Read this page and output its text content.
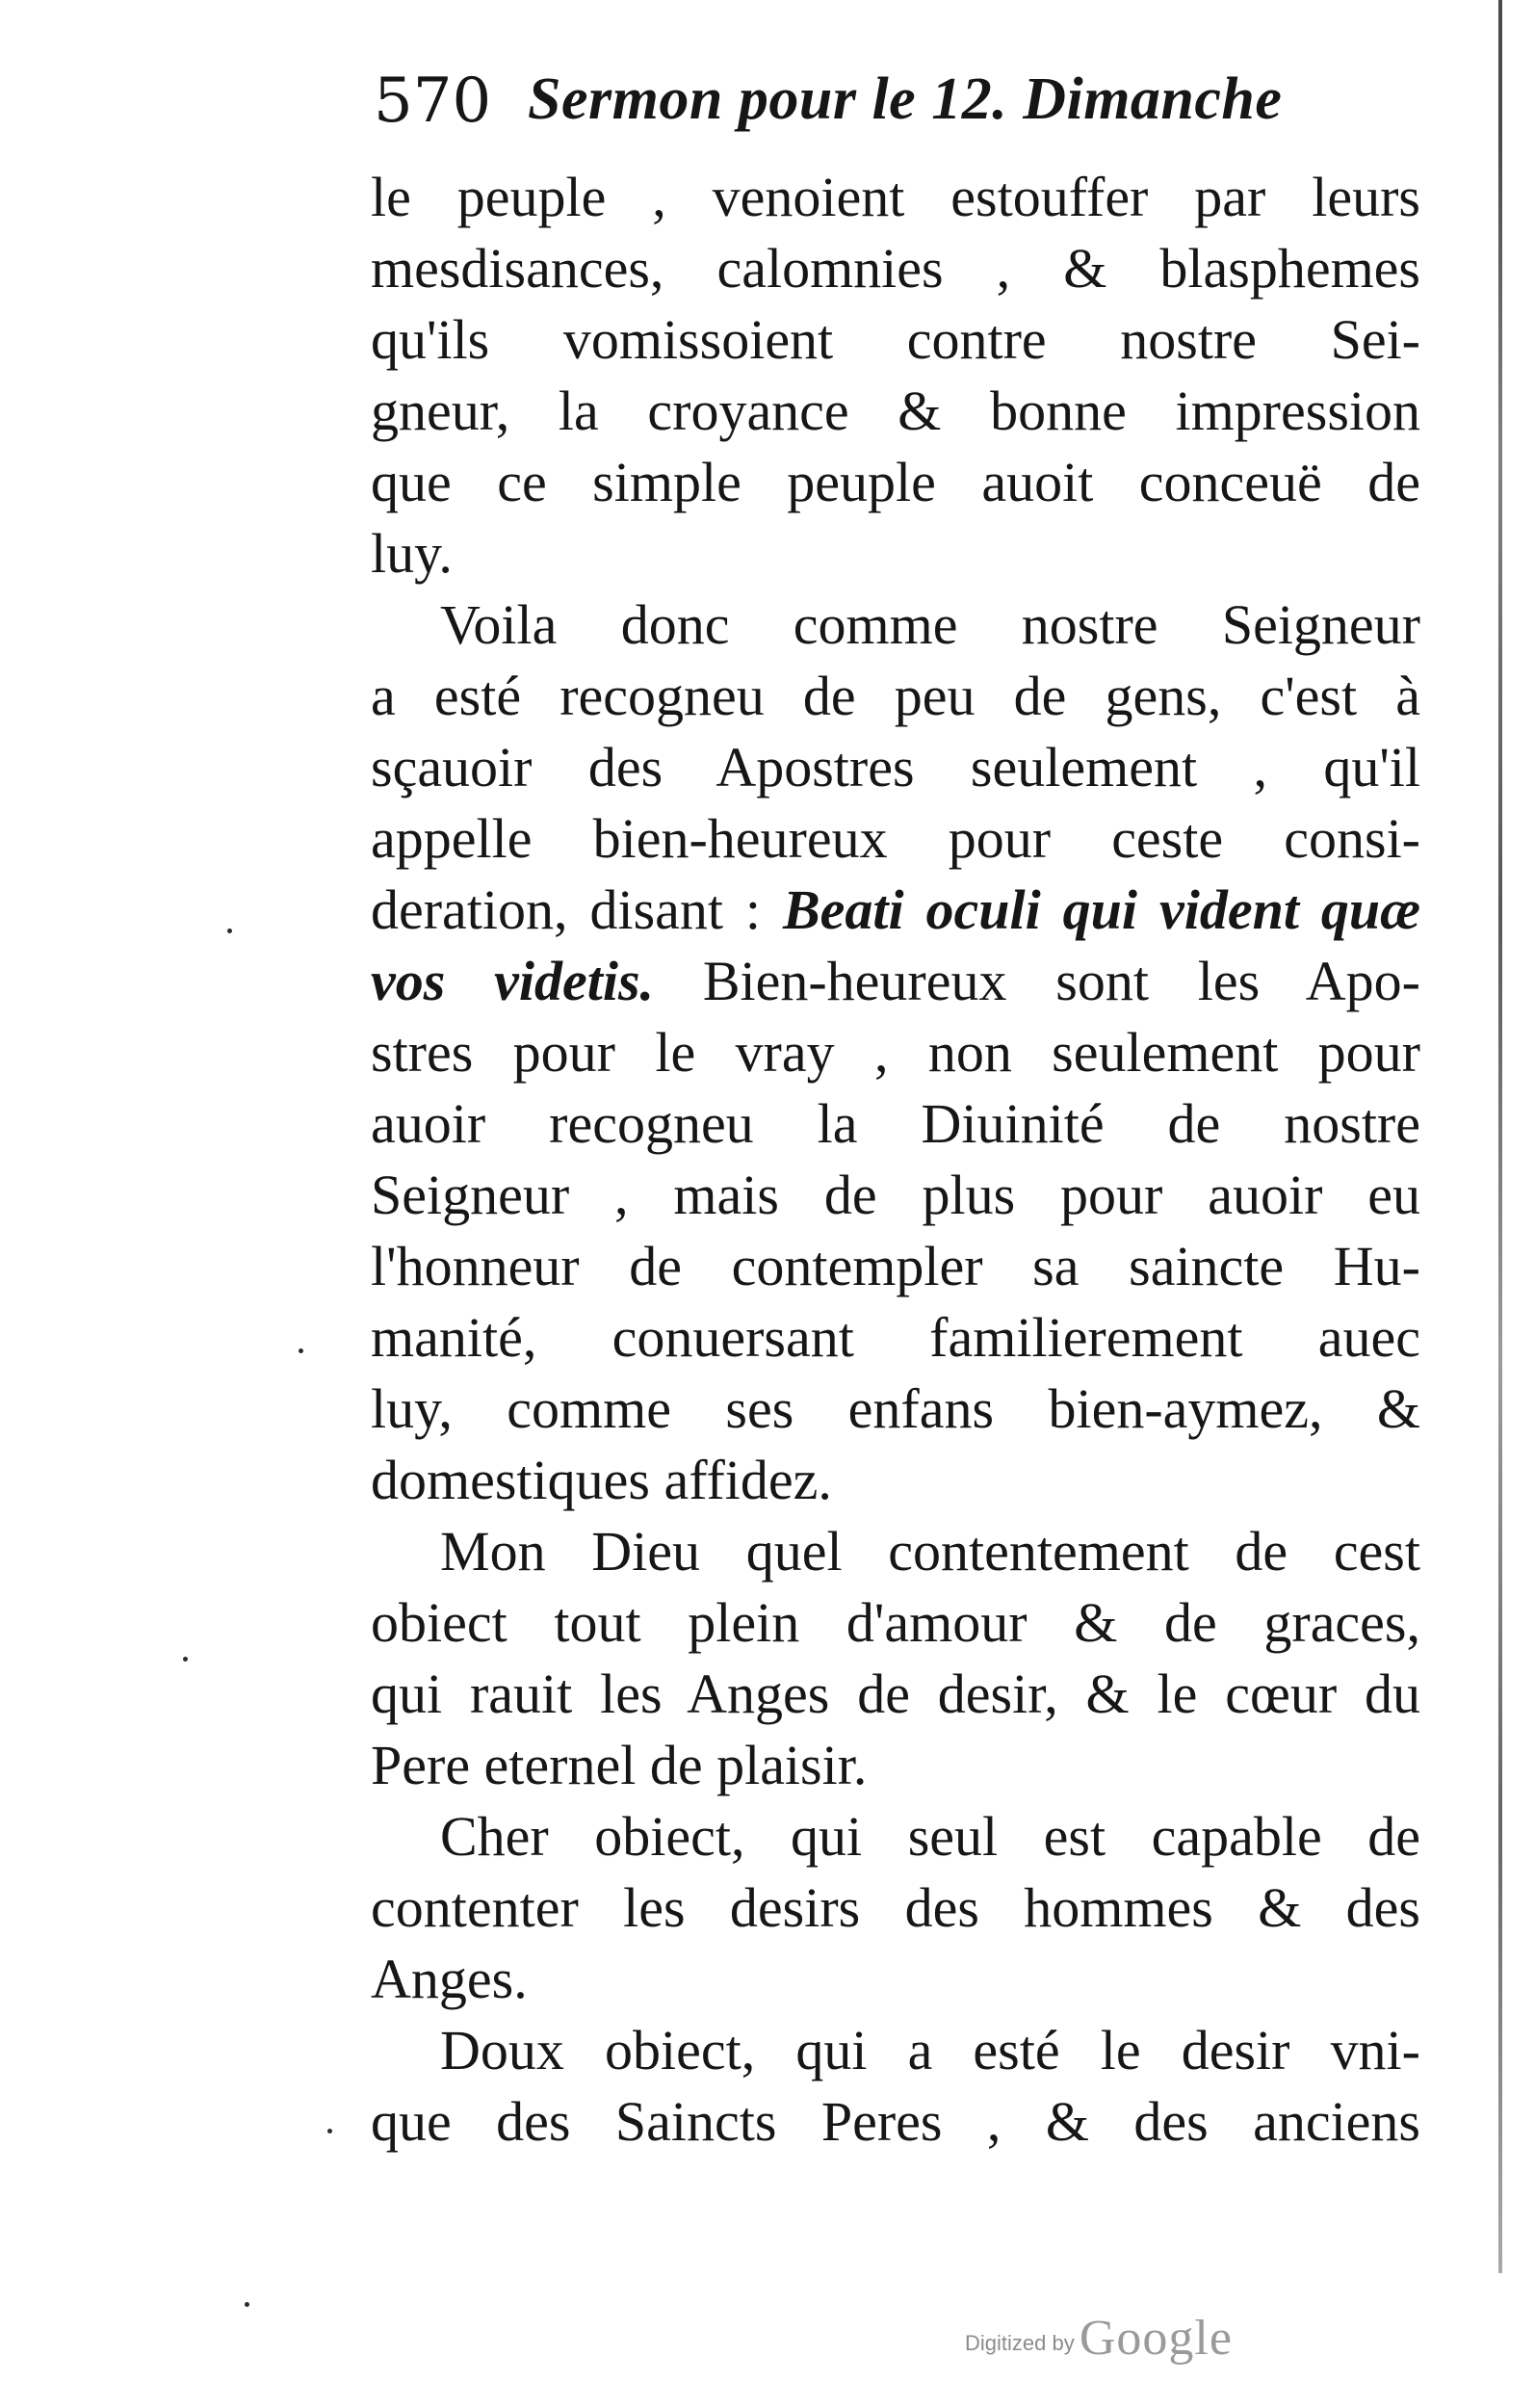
570 Sermon pour le 12. Dimanche
le peuple , venoient estouffer par leurs
mesdisances, calomnies , & blasphemes
qu'ils vomissoient contre nostre Sei-
gneur, la croyance & bonne impression
que ce simple peuple auoit conceuë de
luy.
Voila donc comme nostre Seigneur
a esté recogneu de peu de gens, c'est à
sçauoir des Apostres seulement , qu'il
appelle bien-heureux pour ceste consi-
deration, disant : Beati oculi qui vident quæ
vos videtis. Bien-heureux sont les Apo-
stres pour le vray , non seulement pour
auoir recogneu la Diuinité de nostre
Seigneur , mais de plus pour auoir eu
l'honneur de contempler sa saincte Hu-
manité, conuersant familierement auec
luy, comme ses enfans bien-aymez, &
domestiques affidez.
Mon Dieu quel contentement de cest
obiect tout plein d'amour & de graces,
qui rauit les Anges de desir, & le cœur du
Pere eternel de plaisir.
Cher obiect, qui seul est capable de
contenter les desirs des hommes & des
Anges.
Doux obiect, qui a esté le desir vni-
que des Saincts Peres , & des anciens
Digitized by Google
